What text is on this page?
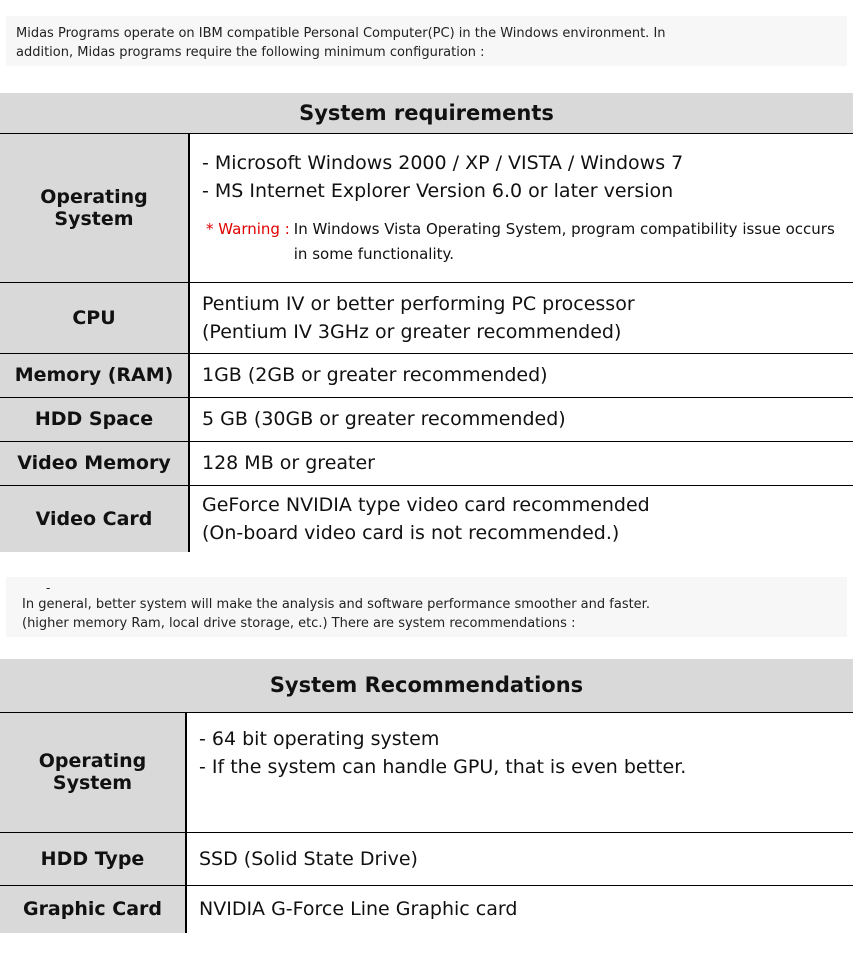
Midas Programs operate on IBM compatible Personal Computer(PC) in the Windows environment. In
addition, Midas programs require the following minimum configuration :
System requirements	
Operating System	- Microsoft Windows 2000 / XP / VISTA / Windows 7
- MS Internet Explorer Version 6.0 or later version
* Warning : In Windows Vista Operating System, program compatibility issue occurs in some functionality.

CPU	Pentium IV or better performing PC processor
(Pentium IV 3GHz or greater recommended)

Memory (RAM)	1GB (2GB or greater recommended)
HDD Space	5 GB (30GB or greater recommended)
Video Memory	128 MB or greater
Video Card	GeForce NVIDIA type video card recommended
(On-board video card is not recommended.)
-
In general, better system will make the analysis and software performance smoother and faster.
(higher memory Ram, local drive storage, etc.) There are system recommendations :
System Recommendations	
Operating System	- 64 bit operating system
- If the system can handle GPU, that is even better.

HDD Type	SSD (Solid State Drive)
Graphic Card	NVIDIA G-Force Line Graphic card
